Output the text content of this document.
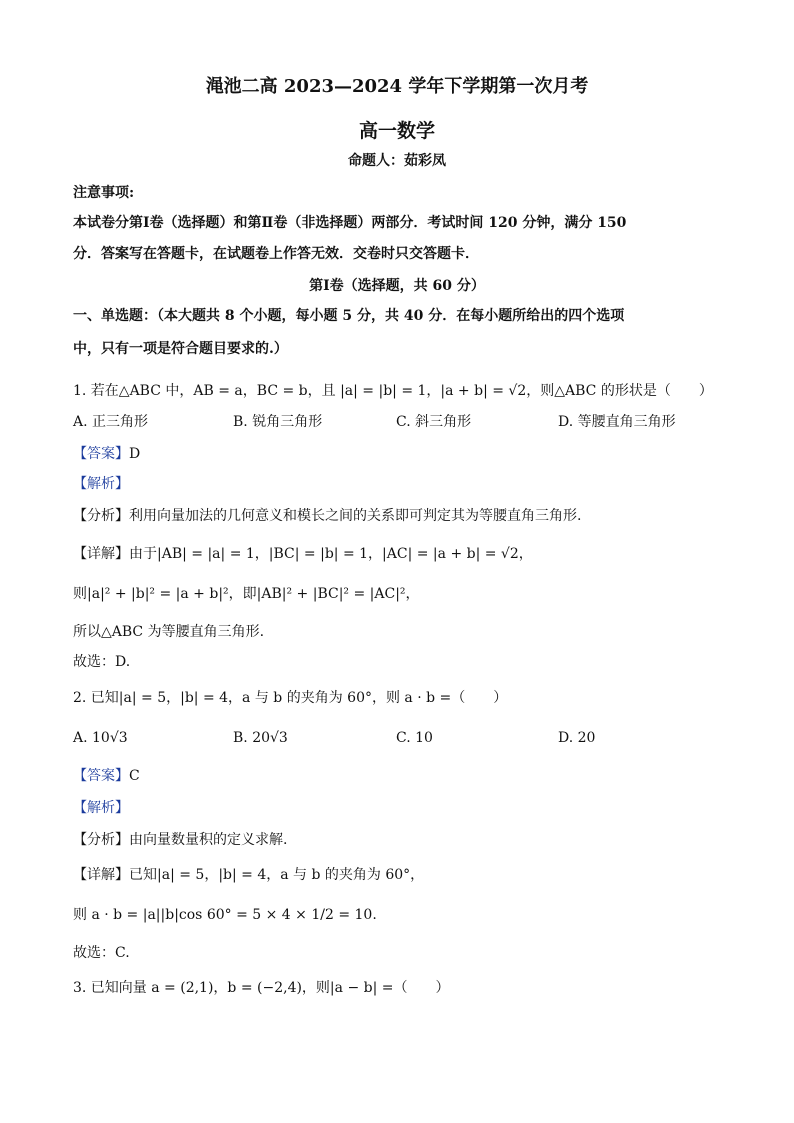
渑池二高 2023—2024 学年下学期第一次月考
高一数学
命题人：茹彩凤
注意事项:
本试卷分第Ⅰ卷（选择题）和第Ⅱ卷（非选择题）两部分．考试时间 120 分钟，满分 150
分．答案写在答题卡，在试题卷上作答无效．交卷时只交答题卡．
第Ⅰ卷（选择题，共 60 分）
一、单选题：（本大题共 8 个小题，每小题 5 分，共 40 分．在每小题所给出的四个选项
中，只有一项是符合题目要求的.）
1. 若在△ABC 中，AB = a，BC = b，且 |a| = |b| = 1，|a + b| = √2，则△ABC 的形状是（　　）
A. 正三角形	B. 锐角三角形	C. 斜三角形	D. 等腰直角三角形
【答案】D
【解析】
【分析】利用向量加法的几何意义和模长之间的关系即可判定其为等腰直角三角形.
【详解】由于|AB| = |a| = 1，|BC| = |b| = 1，|AC| = |a + b| = √2，
则|a|² + |b|² = |a + b|²，即|AB|² + |BC|² = |AC|²，
所以△ABC 为等腰直角三角形.
故选：D.
2. 已知|a| = 5，|b| = 4，a 与 b 的夹角为 60°，则 a · b =（　　）
A. 10√3	B. 20√3	C. 10	D. 20
【答案】C
【解析】
【分析】由向量数量积的定义求解.
【详解】已知|a| = 5，|b| = 4，a 与 b 的夹角为 60°，
则 a · b = |a||b|cos 60° = 5 × 4 × 1/2 = 10.
故选：C.
3. 已知向量 a = (2,1)，b = (−2,4)，则|a − b| =（　　）
